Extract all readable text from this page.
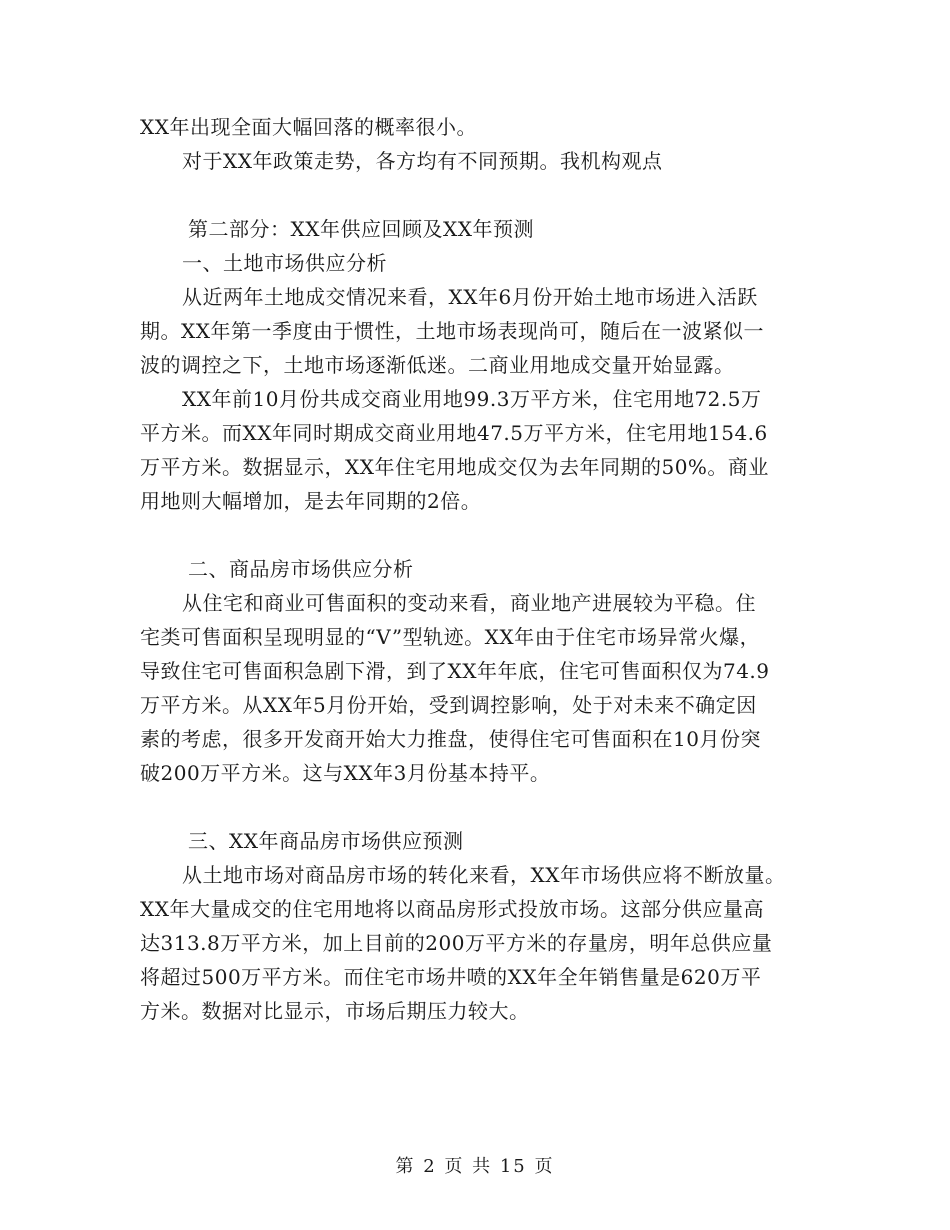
XX年出现全面大幅回落的概率很小。
对于XX年政策走势，各方均有不同预期。我机构观点
第二部分：XX年供应回顾及XX年预测
一、土地市场供应分析
从近两年土地成交情况来看，XX年6月份开始土地市场进入活跃
期。XX年第一季度由于惯性，土地市场表现尚可，随后在一波紧似一
波的调控之下，土地市场逐渐低迷。二商业用地成交量开始显露。
XX年前10月份共成交商业用地99.3万平方米，住宅用地72.5万
平方米。而XX年同时期成交商业用地47.5万平方米，住宅用地154.6
万平方米。数据显示，XX年住宅用地成交仅为去年同期的50%。商业
用地则大幅增加，是去年同期的2倍。
二、商品房市场供应分析
从住宅和商业可售面积的变动来看，商业地产进展较为平稳。住
宅类可售面积呈现明显的“V”型轨迹。XX年由于住宅市场异常火爆，
导致住宅可售面积急剧下滑，到了XX年年底，住宅可售面积仅为74.9
万平方米。从XX年5月份开始，受到调控影响，处于对未来不确定因
素的考虑，很多开发商开始大力推盘，使得住宅可售面积在10月份突
破200万平方米。这与XX年3月份基本持平。
三、XX年商品房市场供应预测
从土地市场对商品房市场的转化来看，XX年市场供应将不断放量。
XX年大量成交的住宅用地将以商品房形式投放市场。这部分供应量高
达313.8万平方米，加上目前的200万平方米的存量房，明年总供应量
将超过500万平方米。而住宅市场井喷的XX年全年销售量是620万平
方米。数据对比显示，市场后期压力较大。
第 2 页 共 15 页
